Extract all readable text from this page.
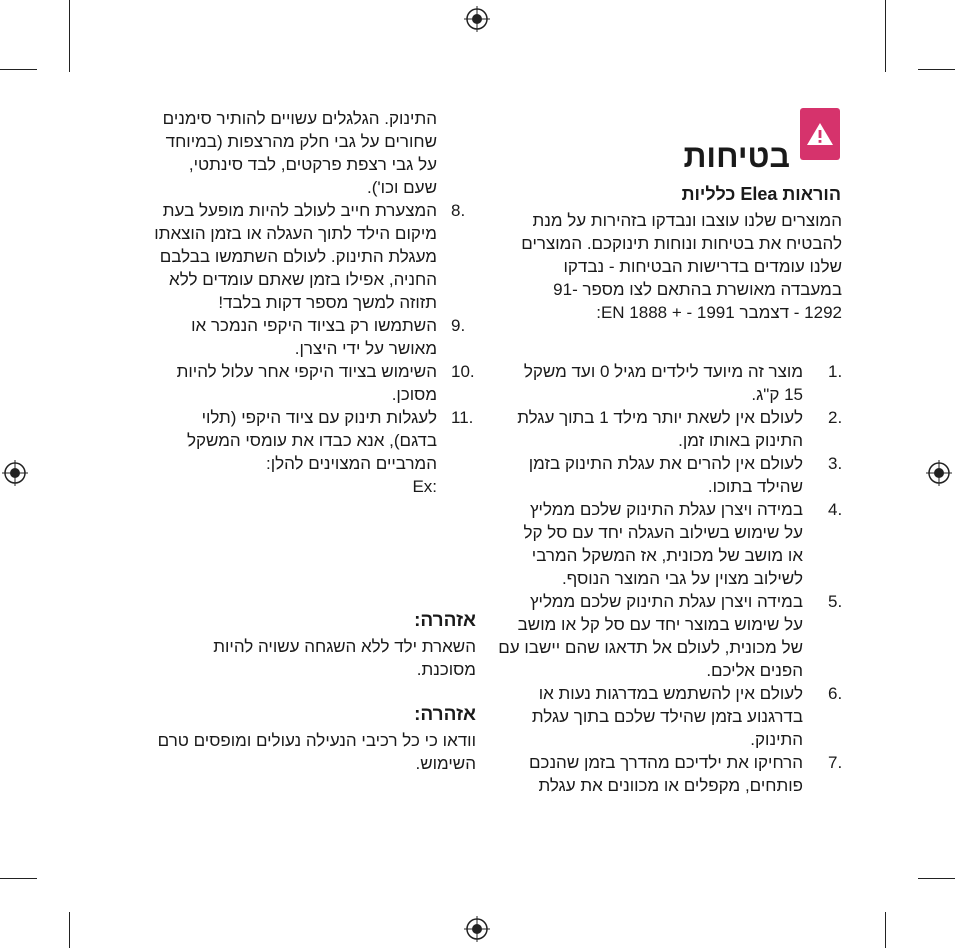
בטיחות
הוראות Elea כלליות
המוצרים שלנו עוצבו ונבדקו בזהירות על מנת
להבטיח את בטיחות ונוחות תינוקכם. המוצרים
שלנו עומדים בדרישות הבטיחות - נבדקו
במעבדה מאושרת בהתאם לצו מספר -91
1292 - דצמבר 1991 - + EN 1888:
1.
מוצר זה מיועד לילדים מגיל 0 ועד משקל
15 ק"ג.
2.
לעולם אין לשאת יותר מילד 1 בתוך עגלת
התינוק באותו זמן.
3.
לעולם אין להרים את עגלת התינוק בזמן
שהילד בתוכו.
4.
במידה ויצרן עגלת התינוק שלכם ממליץ
על שימוש בשילוב העגלה יחד עם סל קל
או מושב של מכונית, אז המשקל המרבי
לשילוב מצוין על גבי המוצר הנוסף.
5.
במידה ויצרן עגלת התינוק שלכם ממליץ
על שימוש במוצר יחד עם סל קל או מושב
של מכונית, לעולם אל תדאגו שהם יישבו עם
הפנים אליכם.
6.
לעולם אין להשתמש במדרגות נעות או
בדרגנוע בזמן שהילד שלכם בתוך עגלת
התינוק.
7.
הרחיקו את ילדיכם מהדרך בזמן שהנכם
פותחים, מקפלים או מכוונים את עגלת
התינוק. הגלגלים עשויים להותיר סימנים
שחורים על גבי חלק מהרצפות (במיוחד
על גבי רצפת פרקטים, לבד סינתטי,
שעם וכו').
8.
המצערת חייב לעולב להיות מופעל בעת
מיקום הילד לתוך העגלה או בזמן הוצאתו
מעגלת התינוק. לעולם השתמשו בבלבם
החניה, אפילו בזמן שאתם עומדים ללא
תזוזה למשך מספר דקות בלבד!
9.
השתמשו רק בציוד היקפי הנמכר או
מאושר על ידי היצרן.
10.
השימוש בציוד היקפי אחר עלול להיות
מסוכן.
11.
לעגלות תינוק עם ציוד היקפי (תלוי
בדגם), אנא כבדו את עומסי המשקל
המרביים המצוינים להלן:
Ex:
אזהרה:
השארת ילד ללא השגחה עשויה להיות
מסוכנת.
אזהרה:
וודאו כי כל רכיבי הנעילה נעולים ומופסים טרם
השימוש.
